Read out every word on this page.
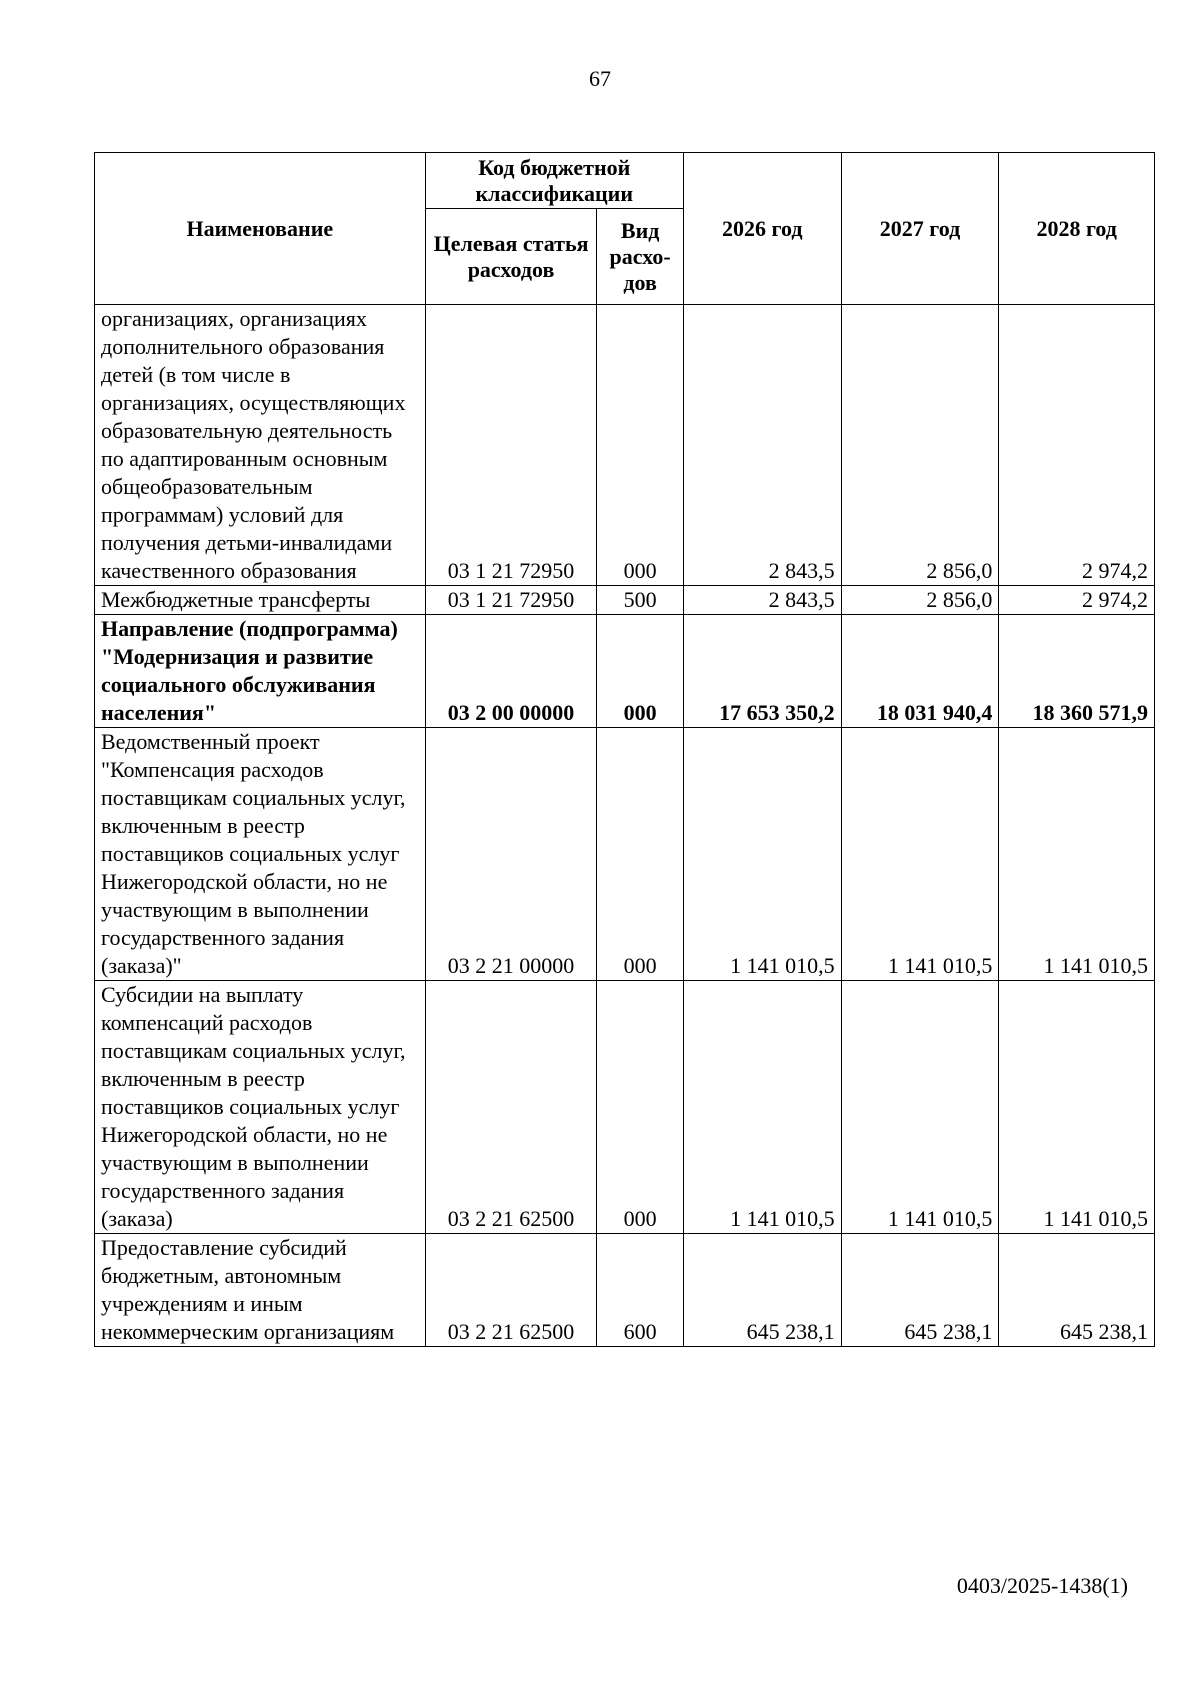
67
Наименование	Код бюджетной классификации		2026 год	2027 год	2028 год
	Целевая статья расходов	Вид расхо-дов			
организациях, организациях дополнительного образования детей (в том числе в организациях, осуществляющих образовательную деятельность по адаптированным основным общеобразовательным программам) условий для получения детьми-инвалидами качественного образования	03 1 21 72950	000	2 843,5	2 856,0	2 974,2
Межбюджетные трансферты	03 1 21 72950	500	2 843,5	2 856,0	2 974,2
Направление (подпрограмма) "Модернизация и развитие социального обслуживания населения"	03 2 00 00000	000	17 653 350,2	18 031 940,4	18 360 571,9
Ведомственный проект "Компенсация расходов поставщикам социальных услуг, включенным в реестр поставщиков социальных услуг Нижегородской области, но не участвующим в выполнении государственного задания (заказа)"	03 2 21 00000	000	1 141 010,5	1 141 010,5	1 141 010,5
Субсидии на выплату компенсаций расходов поставщикам социальных услуг, включенным в реестр поставщиков социальных услуг Нижегородской области, но не участвующим в выполнении государственного задания (заказа)	03 2 21 62500	000	1 141 010,5	1 141 010,5	1 141 010,5
Предоставление субсидий бюджетным, автономным учреждениям и иным некоммерческим организациям	03 2 21 62500	600	645 238,1	645 238,1	645 238,1
0403/2025-1438(1)
